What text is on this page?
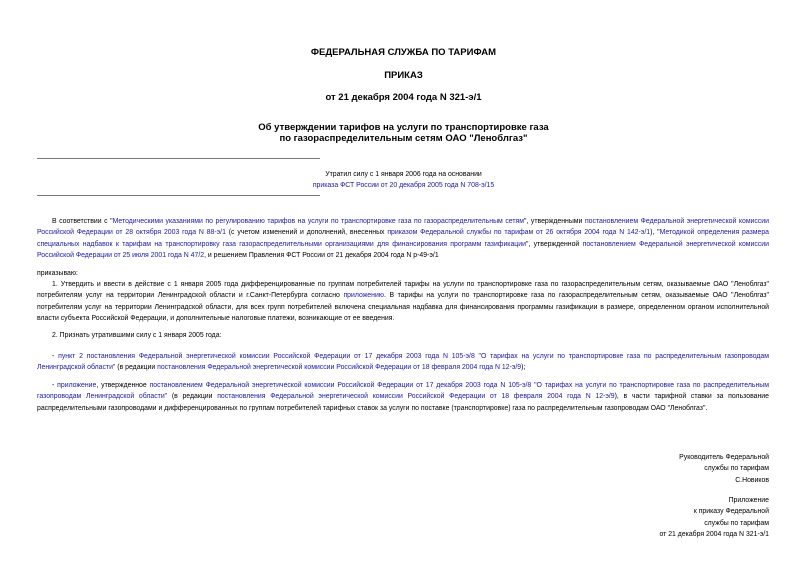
ФЕДЕРАЛЬНАЯ СЛУЖБА ПО ТАРИФАМ
ПРИКАЗ
от 21 декабря 2004 года N 321-э/1
Об утверждении тарифов на услуги по транспортировке газа
по газораспределительным сетям ОАО "Леноблгаз"
Утратил силу с 1 января 2006 года на основании
приказа ФСТ России от 20 декабря 2005 года N 708-э/15
В соответствии с "Методическими указаниями по регулированию тарифов на услуги по транспортировке газа по газораспределительным сетям", утвержденными постановлением Федеральной энергетической комиссии Российской Федерации от 28 октября 2003 года N 88-э/1 (с учетом изменений и дополнений, внесенных приказом Федеральной службы по тарифам от 26 октября 2004 года N 142-э/1), "Методикой определения размера специальных надбавок к тарифам на транспортировку газа газораспределительными организациями для финансирования программ газификации", утвержденной постановлением Федеральной энергетической комиссии Российской Федерации от 25 июля 2001 года N 47/2, и решением Правления ФСТ России от 21 декабря 2004 года N р-49-э/1
приказываю:
1. Утвердить и ввести в действие с 1 января 2005 года дифференцированные по группам потребителей тарифы на услуги по транспортировке газа по газораспределительным сетям, оказываемые ОАО "Леноблгаз" потребителям услуг на территории Ленинградской области и г.Санкт-Петербурга согласно приложению. В тарифы на услуги по транспортировке газа по газораспределительным сетям, оказываемые ОАО "Леноблгаз" потребителям услуг на территории Ленинградской области, для всех групп потребителей включена специальная надбавка для финансирования программы газификации в размере, определенном органом исполнительной власти субъекта Российской Федерации, и дополнительные налоговые платежи, возникающие от ее введения.
2. Признать утратившими силу с 1 января 2005 года:
- пункт 2 постановления Федеральной энергетической комиссии Российской Федерации от 17 декабря 2003 года N 105-э/8 "О тарифах на услуги по транспортировке газа по распределительным газопроводам Ленинградской области" (в редакции постановления Федеральной энергетической комиссии Российской Федерации от 18 февраля 2004 года N 12-э/9);
- приложение, утвержденное постановлением Федеральной энергетической комиссии Российской Федерации от 17 декабря 2003 года N 105-э/8 "О тарифах на услуги по транспортировке газа по распределительным газопроводам Ленинградской области" (в редакции постановления Федеральной энергетической комиссии Российской Федерации от 18 февраля 2004 года N 12-э/9), в части тарифной ставки за пользование распределительными газопроводами и дифференцированных по группам потребителей тарифных ставок за услуги по поставке (транспортировке) газа по распределительным газопроводам ОАО "Леноблгаз".
Руководитель Федеральной
службы по тарифам
С.Новиков
Приложение
к приказу Федеральной
службы по тарифам
от 21 декабря 2004 года N 321-э/1
